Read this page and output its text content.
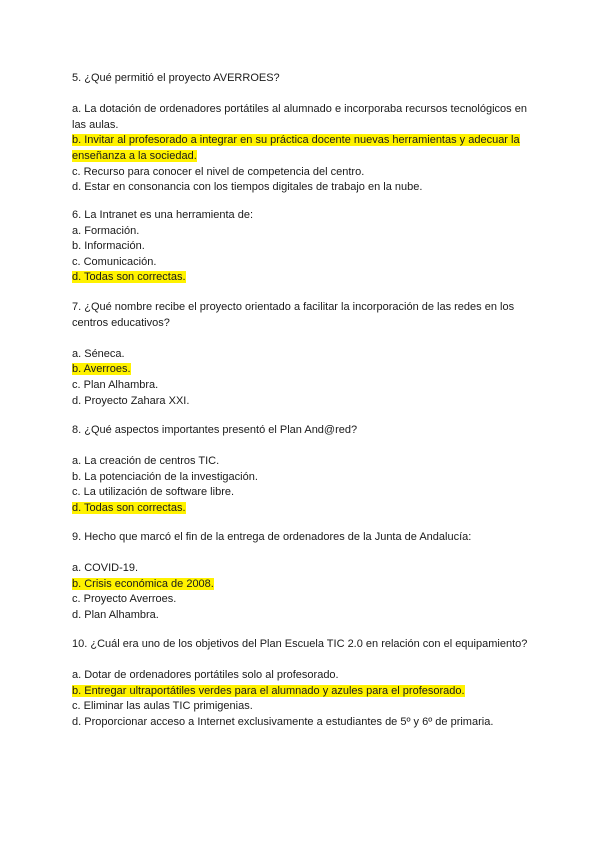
5. ¿Qué permitió el proyecto AVERROES?

a. La dotación de ordenadores portátiles al alumnado e incorporaba recursos tecnológicos en las aulas.

b. Invitar al profesorado a integrar en su práctica docente nuevas herramientas y adecuar la enseñanza a la sociedad.

c. Recurso para conocer el nivel de competencia del centro.

d. Estar en consonancia con los tiempos digitales de trabajo en la nube.

6. La Intranet es una herramienta de:

a. Formación.

b. Información.

c. Comunicación.

d. Todas son correctas.

7. ¿Qué nombre recibe el proyecto orientado a facilitar la incorporación de las redes en los centros educativos?

a. Séneca.

b. Averroes.

c. Plan Alhambra.

d. Proyecto Zahara XXI.

8. ¿Qué aspectos importantes presentó el Plan And@red?

a. La creación de centros TIC.

b. La potenciación de la investigación.

c. La utilización de software libre.

d. Todas son correctas.

9. Hecho que marcó el fin de la entrega de ordenadores de la Junta de Andalucía:

a. COVID-19.

b. Crisis económica de 2008.

c. Proyecto Averroes.

d. Plan Alhambra.

10. ¿Cuál era uno de los objetivos del Plan Escuela TIC 2.0 en relación con el equipamiento?

a. Dotar de ordenadores portátiles solo al profesorado.

b. Entregar ultraportátiles verdes para el alumnado y azules para el profesorado.

c. Eliminar las aulas TIC primigenias.

d. Proporcionar acceso a Internet exclusivamente a estudiantes de 5º y 6º de primaria.
